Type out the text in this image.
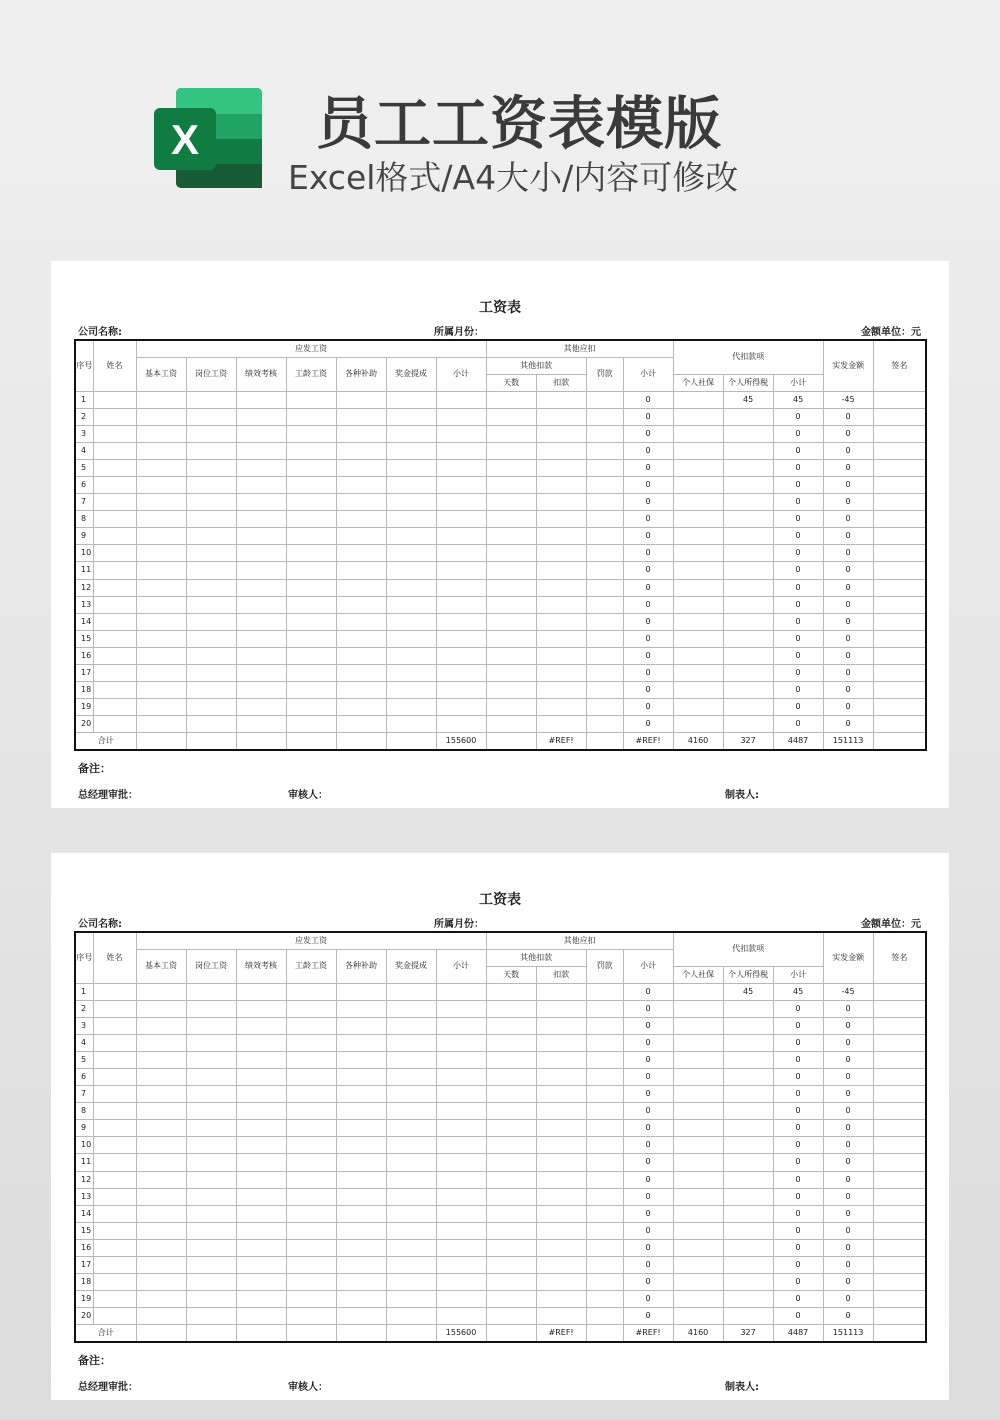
X 员工工资表模版
Excel格式/A4大小/内容可修改
工资表
公司名称:	所属月份：	金额单位：元
序号	姓名	应发工资							其他应扣				代扣款项			实发金额	签名
		基本工资	岗位工资	绩效考核	工龄工资	各种补助	奖金提成	小计	其他扣款		罚款	小计					
									天数	扣款			个人社保	个人所得税	小计		
1												0		45	45	-45	
2												0			0	0	
3												0			0	0	
4												0			0	0	
5												0			0	0	
6												0			0	0	
7												0			0	0	
8												0			0	0	
9												0			0	0	
10												0			0	0	
11												0			0	0	
12												0			0	0	
13												0			0	0	
14												0			0	0	
15												0			0	0	
16												0			0	0	
17												0			0	0	
18												0			0	0	
19												0			0	0	
20												0			0	0	
合计								155600		#REF!		#REF!	4160	327	4487	151113	
备注：
总经理审批：	审核人：	制表人:
工资表
公司名称:	所属月份：	金额单位：元
序号	姓名	应发工资							其他应扣				代扣款项			实发金额	签名
		基本工资	岗位工资	绩效考核	工龄工资	各种补助	奖金提成	小计	其他扣款		罚款	小计					
									天数	扣款			个人社保	个人所得税	小计		
1												0		45	45	-45	
2												0			0	0	
3												0			0	0	
4												0			0	0	
5												0			0	0	
6												0			0	0	
7												0			0	0	
8												0			0	0	
9												0			0	0	
10												0			0	0	
11												0			0	0	
12												0			0	0	
13												0			0	0	
14												0			0	0	
15												0			0	0	
16												0			0	0	
17												0			0	0	
18												0			0	0	
19												0			0	0	
20												0			0	0	
合计								155600		#REF!		#REF!	4160	327	4487	151113	
备注：
总经理审批：	审核人：	制表人:
